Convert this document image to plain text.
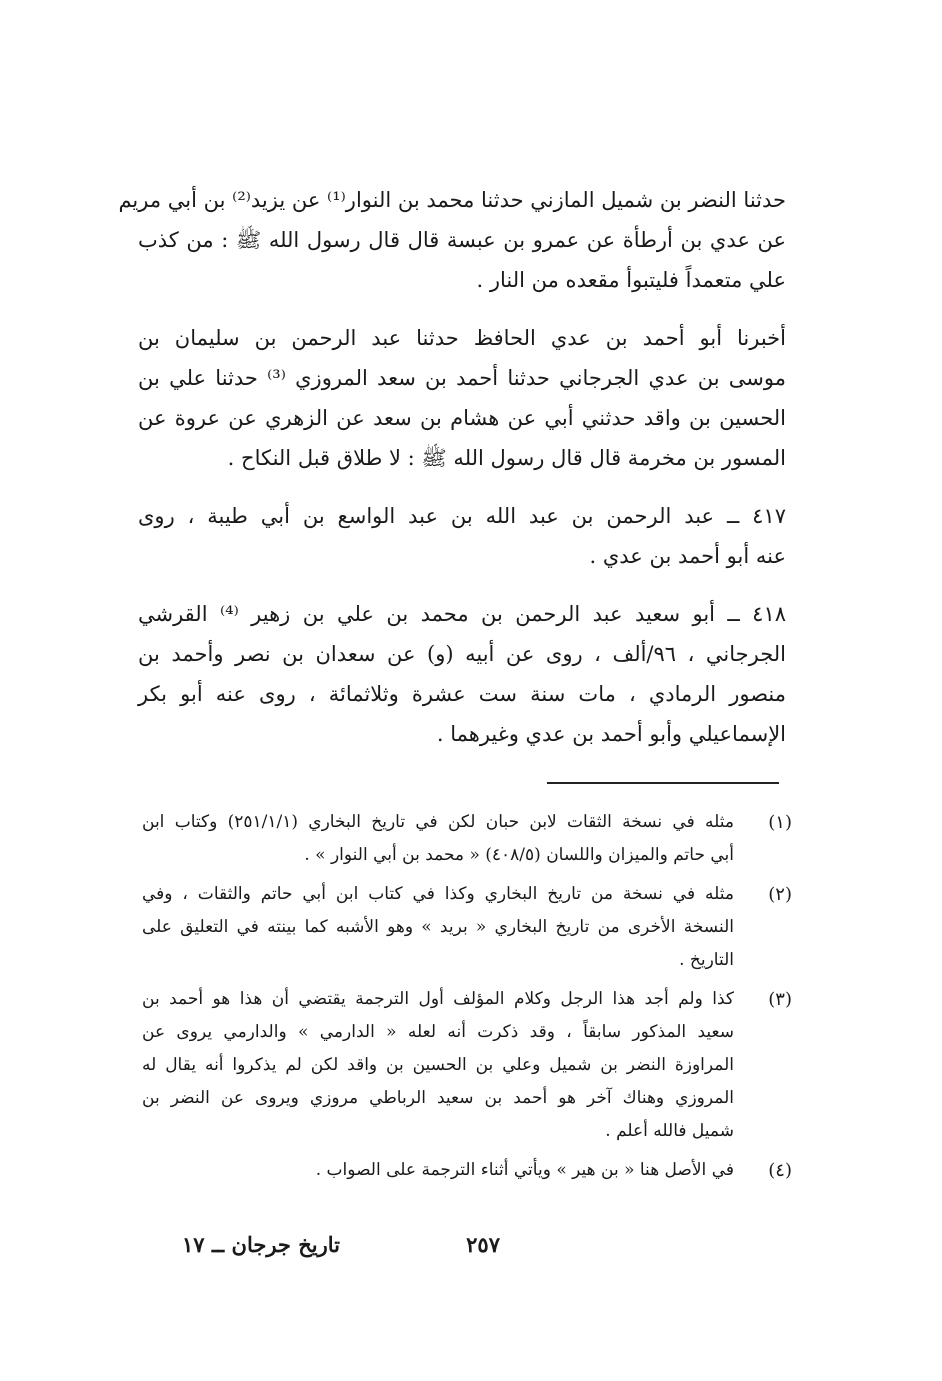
حدثنا النضر بن شميل المازني حدثنا محمد بن النوار⁽¹⁾ عن يزيد⁽²⁾ بن أبي مريم
عن عدي بن أرطأة عن عمرو بن عبسة قال قال رسول الله ﷺ : من كذب
علي متعمداً فليتبوأ مقعده من النار .
أخبرنا أبو أحمد بن عدي الحافظ حدثنا عبد الرحمن بن سليمان بن
موسى بن عدي الجرجاني حدثنا أحمد بن سعد المروزي ⁽³⁾ حدثنا علي بن
الحسين بن واقد حدثني أبي عن هشام بن سعد عن الزهري عن عروة عن
المسور بن مخرمة قال قال رسول الله ﷺ : لا طلاق قبل النكاح .
٤١٧ ــ عبد الرحمن بن عبد الله بن عبد الواسع بن أبي طيبة ، روى
عنه أبو أحمد بن عدي .
٤١٨ ــ أبو سعيد عبد الرحمن بن محمد بن علي بن زهير ⁽⁴⁾ القرشي
الجرجاني ، ٩٦/ألف ، روى عن أبيه (و) عن سعدان بن نصر وأحمد بن
منصور الرمادي ، مات سنة ست عشرة وثلاثمائة ، روى عنه أبو بكر
الإسماعيلي وأبو أحمد بن عدي وغيرهما .
(١)
مثله في نسخة الثقات لابن حبان لكن في تاريخ البخاري (٢٥١/١/١) وكتاب ابن
أبي حاتم والميزان واللسان (٤٠٨/٥) « محمد بن أبي النوار » .
(٢)
مثله في نسخة من تاريخ البخاري وكذا في كتاب ابن أبي حاتم والثقات ، وفي
النسخة الأخرى من تاريخ البخاري « بريد » وهو الأشبه كما بينته في التعليق على
التاريخ .
(٣)
كذا ولم أجد هذا الرجل وكلام المؤلف أول الترجمة يقتضي أن هذا هو أحمد بن
سعيد المذكور سابقاً ، وقد ذكرت أنه لعله « الدارمي » والدارمي يروى عن
المراوزة النضر بن شميل وعلي بن الحسين بن واقد لكن لم يذكروا أنه يقال له
المروزي وهناك آخر هو أحمد بن سعيد الرباطي مروزي ويروى عن النضر بن
شميل فالله أعلم .
(٤)
في الأصل هنا « بن هير » ويأتي أثناء الترجمة على الصواب .
٢٥٧
تاريخ جرجان ــ ١٧
